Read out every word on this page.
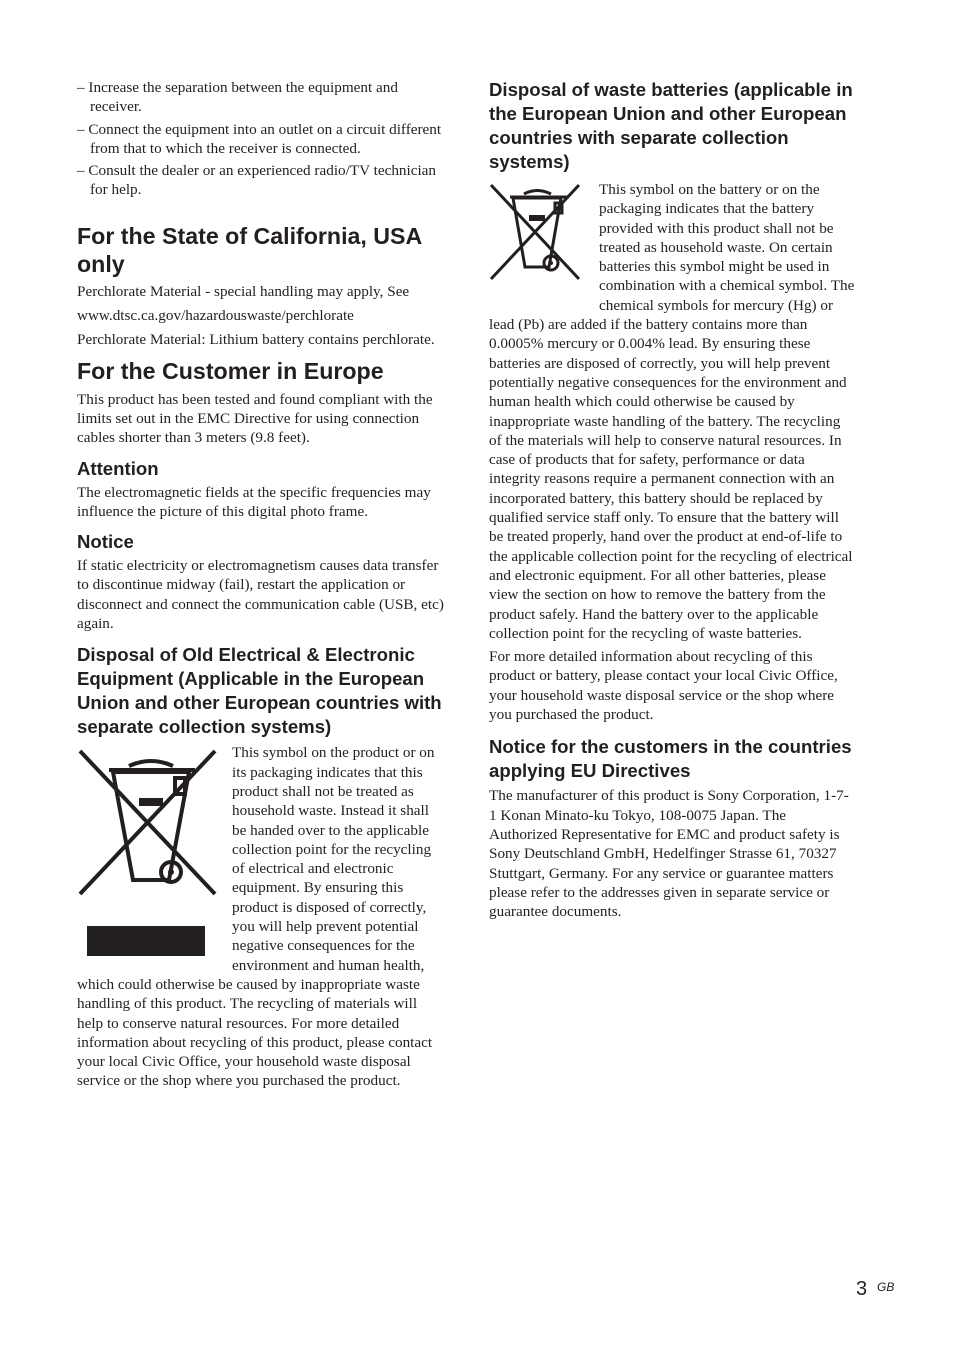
– Increase the separation between the equipment and receiver.

– Connect the equipment into an outlet on a circuit different from that to which the receiver is connected.

– Consult the dealer or an experienced radio/TV technician for help.

For the State of California, USA only

Perchlorate Material - special handling may apply, See

www.dtsc.ca.gov/hazardouswaste/perchlorate

Perchlorate Material: Lithium battery contains perchlorate.

For the Customer in Europe

This product has been tested and found compliant with the limits set out in the EMC Directive for using connection cables shorter than 3 meters (9.8 feet).

Attention

The electromagnetic fields at the specific frequencies may influence the picture of this digital photo frame.

Notice

If static electricity or electromagnetism causes data transfer to discontinue midway (fail), restart the application or disconnect and connect the communication cable (USB, etc) again.

Disposal of Old Electrical & Electronic Equipment (Applicable in the European Union and other European countries with separate collection systems)

This symbol on the product or on its packaging indicates that this product shall not be treated as household waste. Instead it shall be handed over to the applicable collection point for the recycling of electrical and electronic equipment. By ensuring this product is disposed of correctly, you will help prevent potential negative consequences for the environment and human health, which could otherwise be caused by inappropriate waste handling of this product. The recycling of materials will help to conserve natural resources. For more detailed information about recycling of this product, please contact your local Civic Office, your household waste disposal service or the shop where you purchased the product.

Disposal of waste batteries (applicable in the European Union and other European countries with separate collection systems)

This symbol on the battery or on the packaging indicates that the battery provided with this product shall not be treated as household waste. On certain batteries this symbol might be used in combination with a chemical symbol. The chemical symbols for mercury (Hg) or lead (Pb) are added if the battery contains more than 0.0005% mercury or 0.004% lead. By ensuring these batteries are disposed of correctly, you will help prevent potentially negative consequences for the environment and human health which could otherwise be caused by inappropriate waste handling of the battery. The recycling of the materials will help to conserve natural resources. In case of products that for safety, performance or data integrity reasons require a permanent connection with an incorporated battery, this battery should be replaced by qualified service staff only. To ensure that the battery will be treated properly, hand over the product at end-of-life to the applicable collection point for the recycling of electrical and electronic equipment. For all other batteries, please view the section on how to remove the battery from the product safely. Hand the battery over to the applicable collection point for the recycling of waste batteries.

For more detailed information about recycling of this product or battery, please contact your local Civic Office, your household waste disposal service or the shop where you purchased the product.

Notice for the customers in the countries applying EU Directives

The manufacturer of this product is Sony Corporation, 1-7-1 Konan Minato-ku Tokyo, 108-0075 Japan. The Authorized Representative for EMC and product safety is Sony Deutschland GmbH, Hedelfinger Strasse 61, 70327 Stuttgart, Germany. For any service or guarantee matters please refer to the addresses given in separate service or guarantee documents.

3 GB
